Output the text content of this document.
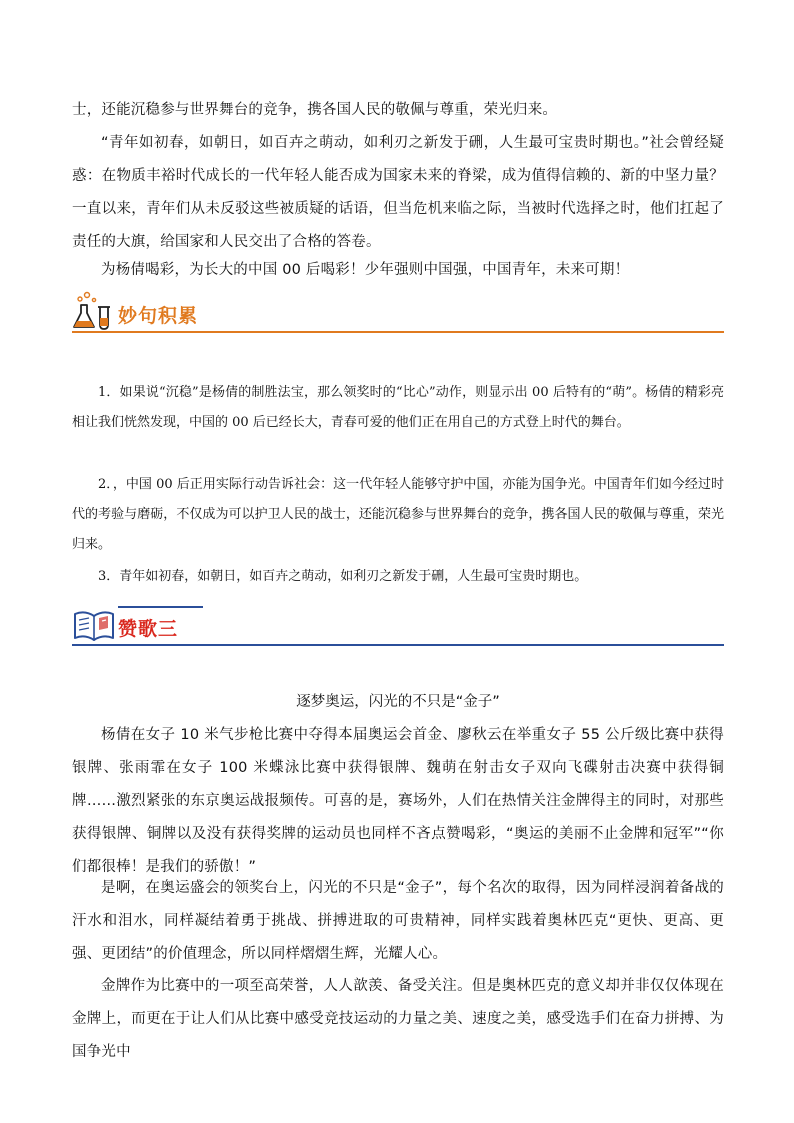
士，还能沉稳参与世界舞台的竞争，携各国人民的敬佩与尊重，荣光归来。

“青年如初春，如朝日，如百卉之萌动，如利刃之新发于硎，人生最可宝贵时期也。”社会曾经疑惑：在物质丰裕时代成长的一代年轻人能否成为国家未来的脊梁，成为值得信赖的、新的中坚力量？一直以来，青年们从未反驳这些被质疑的话语，但当危机来临之际，当被时代选择之时，他们扛起了责任的大旗，给国家和人民交出了合格的答卷。

为杨倩喝彩，为长大的中国 00 后喝彩！少年强则中国强，中国青年，未来可期！

妙句积累

1．如果说“沉稳”是杨倩的制胜法宝，那么领奖时的“比心”动作，则显示出 00 后特有的“萌”。杨倩的精彩亮相让我们恍然发现，中国的 00 后已经长大，青春可爱的他们正在用自己的方式登上时代的舞台。

2．，中国 00 后正用实际行动告诉社会：这一代年轻人能够守护中国，亦能为国争光。中国青年们如今经过时代的考验与磨砺，不仅成为可以护卫人民的战士，还能沉稳参与世界舞台的竞争，携各国人民的敬佩与尊重，荣光归来。

3．青年如初春，如朝日，如百卉之萌动，如利刃之新发于硎，人生最可宝贵时期也。

赞歌三

逐梦奥运，闪光的不只是“金子”

杨倩在女子 10 米气步枪比赛中夺得本届奥运会首金、廖秋云在举重女子 55 公斤级比赛中获得银牌、张雨霏在女子 100 米蝶泳比赛中获得银牌、魏萌在射击女子双向飞碟射击决赛中获得铜牌……激烈紧张的东京奥运战报频传。可喜的是，赛场外，人们在热情关注金牌得主的同时，对那些获得银牌、铜牌以及没有获得奖牌的运动员也同样不吝点赞喝彩，“奥运的美丽不止金牌和冠军”“你们都很棒！是我们的骄傲！”

是啊，在奥运盛会的领奖台上，闪光的不只是“金子”，每个名次的取得，因为同样浸润着备战的汗水和泪水，同样凝结着勇于挑战、拼搏进取的可贵精神，同样实践着奥林匹克“更快、更高、更强、更团结”的价值理念，所以同样熠熠生辉，光耀人心。

金牌作为比赛中的一项至高荣誉，人人歆羡、备受关注。但是奥林匹克的意义却并非仅仅体现在金牌上，而更在于让人们从比赛中感受竞技运动的力量之美、速度之美，感受选手们在奋力拼搏、为国争光中
